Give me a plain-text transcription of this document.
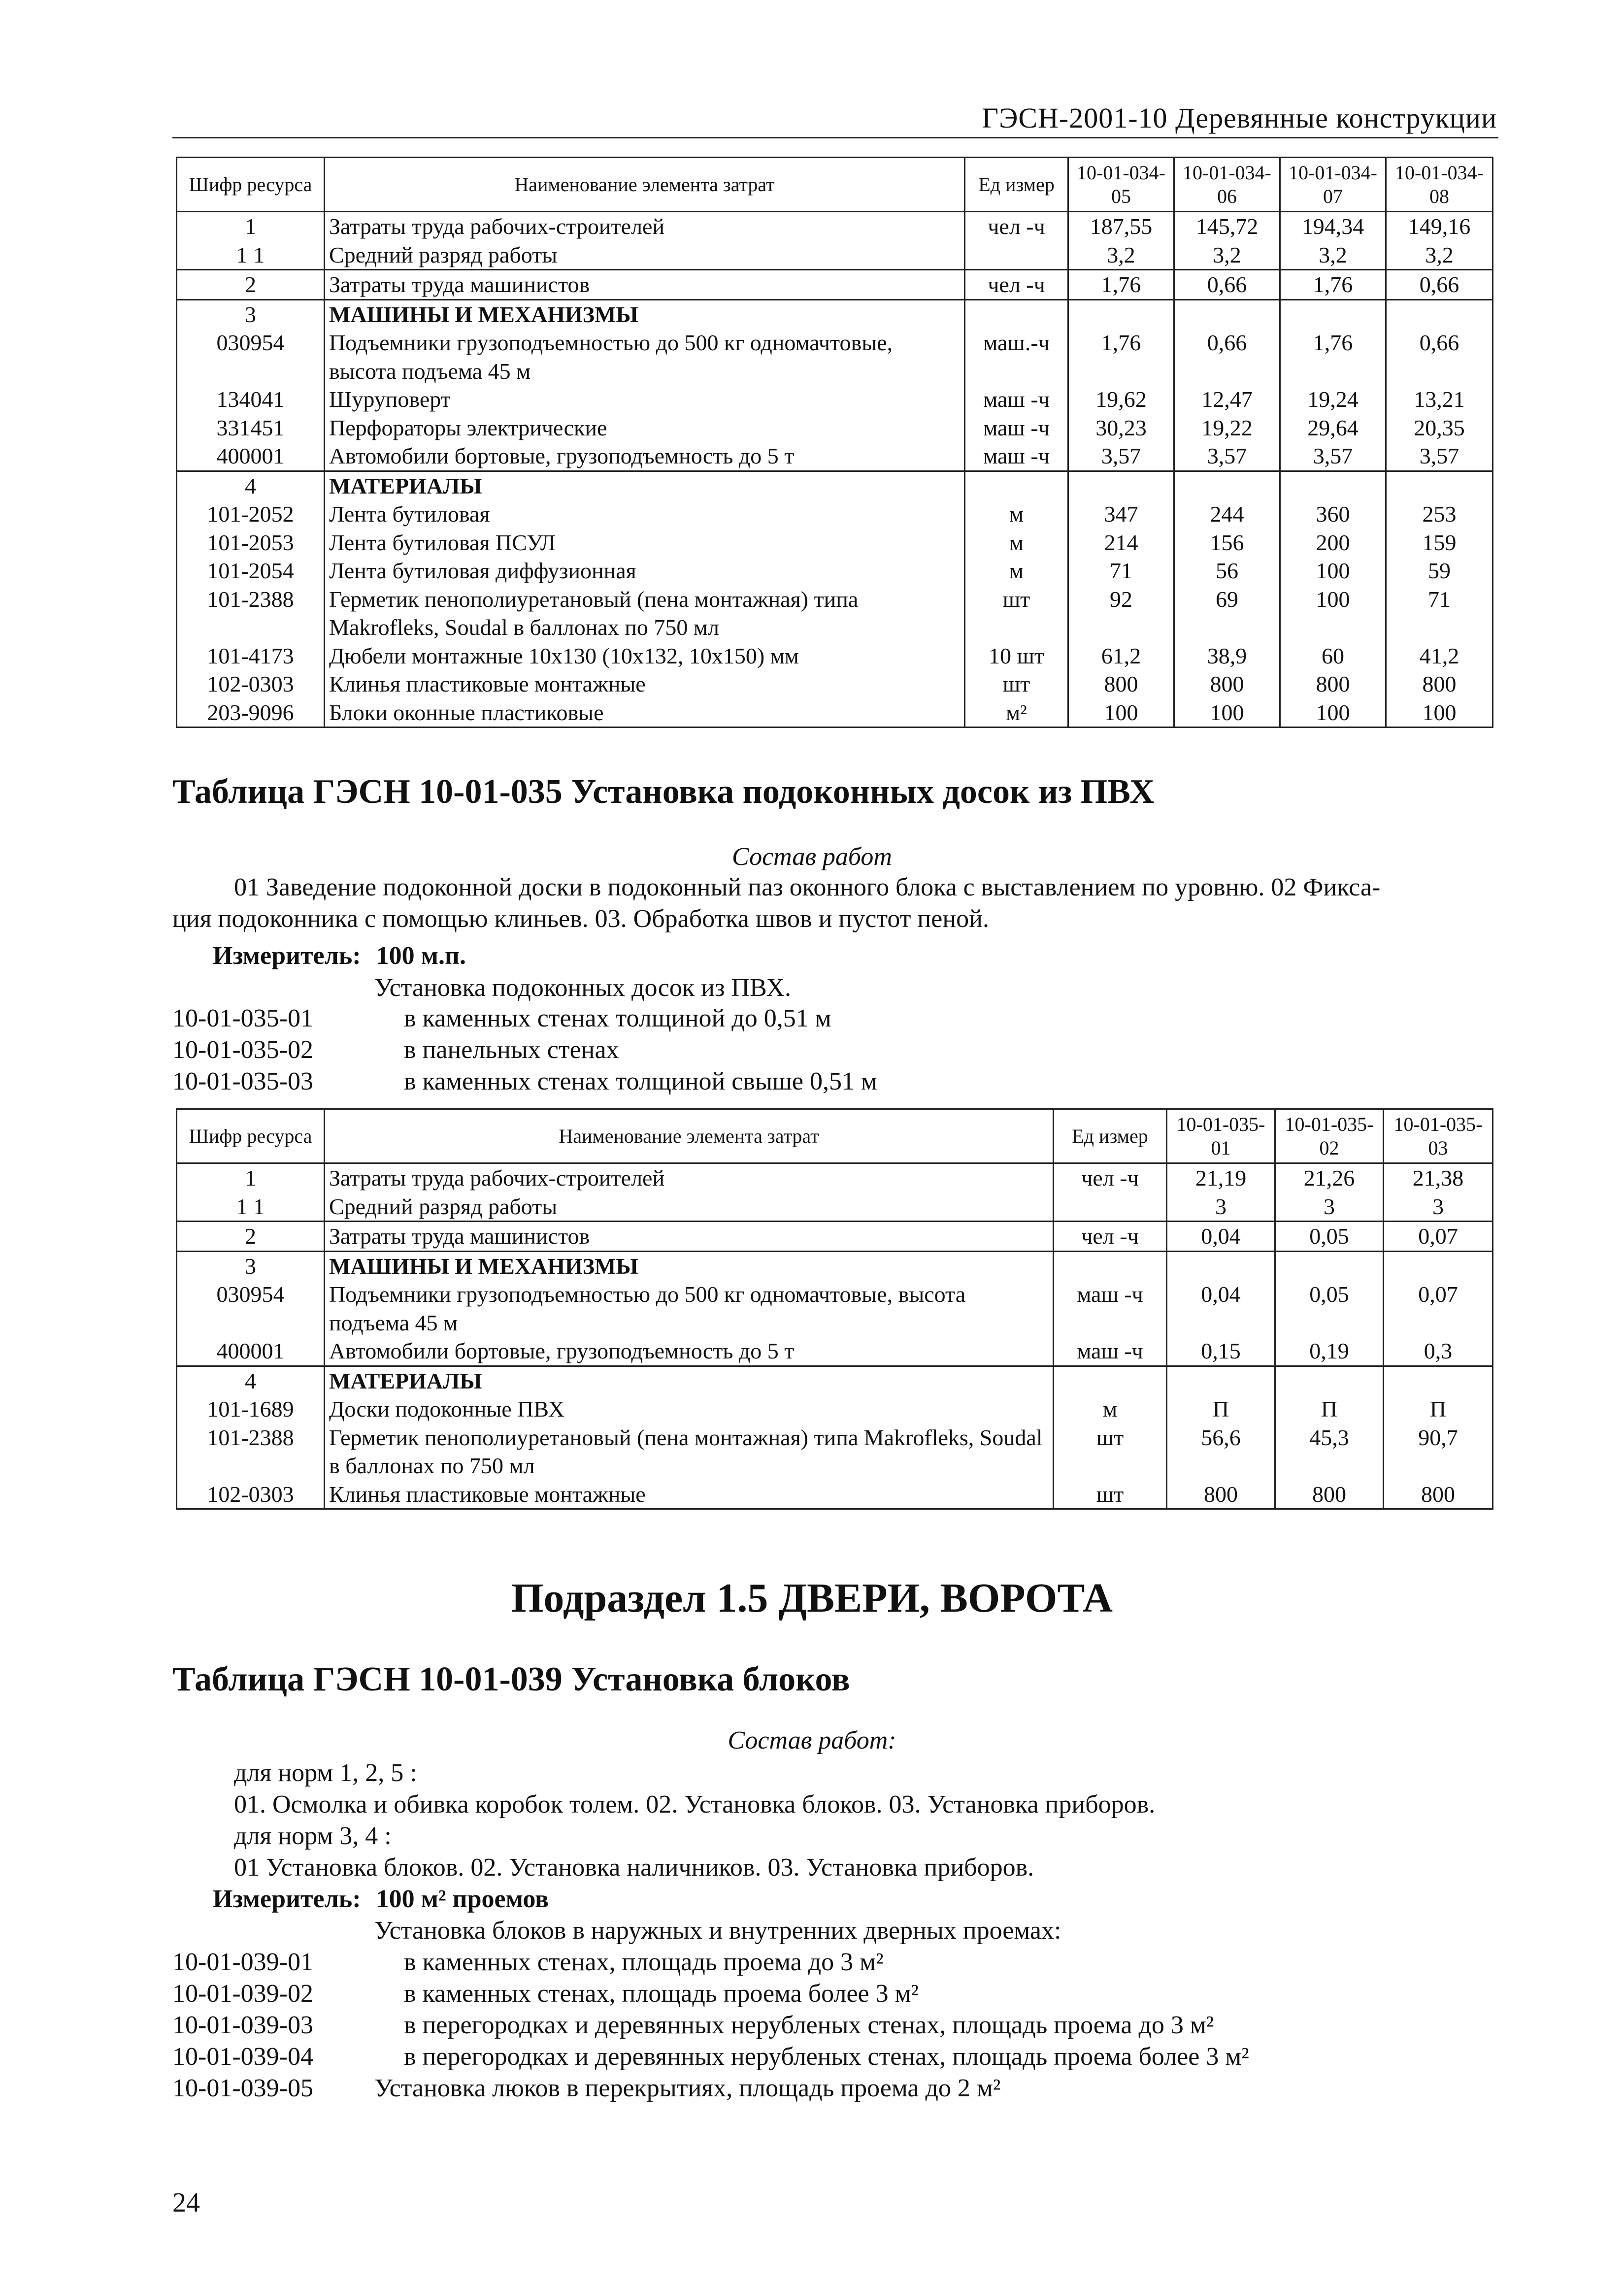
ГЭСН-2001-10 Деревянные конструкции
Шифр ресурса	Наименование элемента затрат	Ед измер	10-01-034-05	10-01-034-06	10-01-034-07	10-01-034-08
1	Затраты труда рабочих-строителей	чел -ч	187,55	145,72	194,34	149,16
1 1	Средний разряд работы		3,2	3,2	3,2	3,2
2	Затраты труда машинистов	чел -ч	1,76	0,66	1,76	0,66
3	МАШИНЫ И МЕХАНИЗМЫ					
030954	Подъемники грузоподъемностью до 500 кг одномачтовые, высота подъема 45 м	маш.-ч	1,76	0,66	1,76	0,66
134041	Шуруповерт	маш -ч	19,62	12,47	19,24	13,21
331451	Перфораторы электрические	маш -ч	30,23	19,22	29,64	20,35
400001	Автомобили бортовые, грузоподъемность до 5 т	маш -ч	3,57	3,57	3,57	3,57
4	МАТЕРИАЛЫ					
101-2052	Лента бутиловая	м	347	244	360	253
101-2053	Лента бутиловая ПСУЛ	м	214	156	200	159
101-2054	Лента бутиловая диффузионная	м	71	56	100	59
101-2388	Герметик пенополиуретановый (пена монтажная) типа Makrofleks, Soudal в баллонах по 750 мл	шт	92	69	100	71
101-4173	Дюбели монтажные 10х130 (10х132, 10х150) мм	10 шт	61,2	38,9	60	41,2
102-0303	Клинья пластиковые монтажные	шт	800	800	800	800
203-9096	Блоки оконные пластиковые	м²	100	100	100	100
Таблица ГЭСН 10-01-035 Установка подоконных досок из ПВХ
Состав работ
01 Заведение подоконной доски в подоконный паз оконного блока с выставлением по уровню. 02 Фикса-
ция подоконника с помощью клиньев. 03. Обработка швов и пустот пеной.
Измеритель: 100 м.п.
Установка подоконных досок из ПВХ.
10-01-035-01	в каменных стенах толщиной до 0,51 м
10-01-035-02	в панельных стенах
10-01-035-03	в каменных стенах толщиной свыше 0,51 м
Шифр ресурса	Наименование элемента затрат	Ед измер	10-01-035-01	10-01-035-02	10-01-035-03
1	Затраты труда рабочих-строителей	чел -ч	21,19	21,26	21,38
1 1	Средний разряд работы		3	3	3
2	Затраты труда машинистов	чел -ч	0,04	0,05	0,07
3	МАШИНЫ И МЕХАНИЗМЫ				
030954	Подъемники грузоподъемностью до 500 кг одномачтовые, высота подъема 45 м	маш -ч	0,04	0,05	0,07
400001	Автомобили бортовые, грузоподъемность до 5 т	маш -ч	0,15	0,19	0,3
4	МАТЕРИАЛЫ				
101-1689	Доски подоконные ПВХ	м	П	П	П
101-2388	Герметик пенополиуретановый (пена монтажная) типа Makrofleks, Soudal в баллонах по 750 мл	шт	56,6	45,3	90,7
102-0303	Клинья пластиковые монтажные	шт	800	800	800
Подраздел 1.5 ДВЕРИ, ВОРОТА
Таблица ГЭСН 10-01-039 Установка блоков
Состав работ:
для норм 1, 2, 5 :
01. Осмолка и обивка коробок толем. 02. Установка блоков. 03. Установка приборов.
для норм 3, 4 :
01 Установка блоков. 02. Установка наличников. 03. Установка приборов.
Измеритель: 100 м² проемов
Установка блоков в наружных и внутренних дверных проемах:
10-01-039-01	в каменных стенах, площадь проема до 3 м²
10-01-039-02	в каменных стенах, площадь проема более 3 м²
10-01-039-03	в перегородках и деревянных нерубленых стенах, площадь проема до 3 м²
10-01-039-04	в перегородках и деревянных нерубленых стенах, площадь проема более 3 м²
10-01-039-05 Установка люков в перекрытиях, площадь проема до 2 м²
24
